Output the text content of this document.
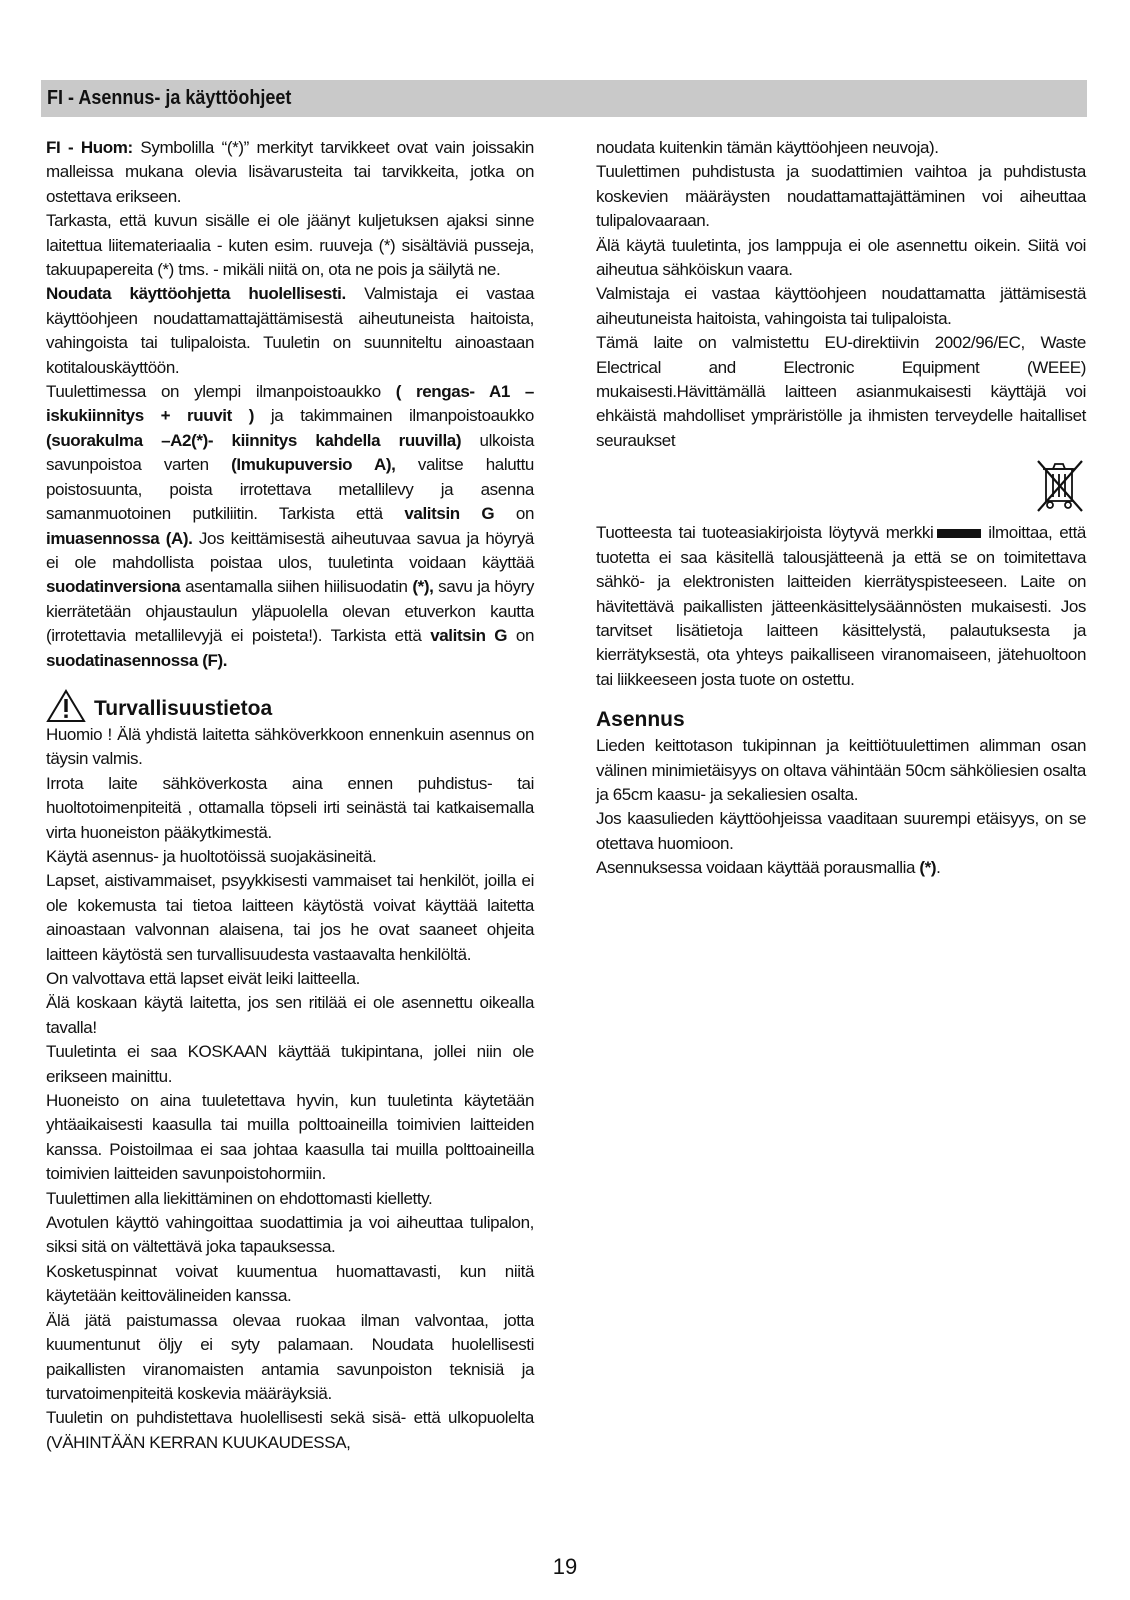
FI - Asennus- ja käyttöohjeet

FI - Huom: Symbolilla “(*)” merkityt tarvikkeet ovat vain joissakin malleissa mukana olevia lisävarusteita tai tarvikkeita, jotka on ostettava erikseen.

Tarkasta, että kuvun sisälle ei ole jäänyt kuljetuksen ajaksi sinne laitettua liitemateriaalia - kuten esim. ruuveja (*) sisältäviä pusseja, takuupapereita (*) tms. - mikäli niitä on, ota ne pois ja säilytä ne.

Noudata käyttöohjetta huolellisesti. Valmistaja ei vastaa käyttöohjeen noudattamattajättämisestä aiheutuneista haitoista, vahingoista tai tulipaloista. Tuuletin on suunniteltu ainoastaan kotitalouskäyttöön.

Tuulettimessa on ylempi ilmanpoistoaukko ( rengas- A1 – iskukiinnitys + ruuvit ) ja takimmainen ilmanpoistoaukko (suorakulma –A2(*)- kiinnitys kahdella ruuvilla) ulkoista savunpoistoa varten (Imukupuversio A), valitse haluttu poistosuunta, poista irrotettava metallilevy ja asenna samanmuotoinen putkiliitin. Tarkista että valitsin G on imuasennossa (A). Jos keittämisestä aiheutuvaa savua ja höyryä ei ole mahdollista poistaa ulos, tuuletinta voidaan käyttää suodatinversiona asentamalla siihen hiilisuodatin (*), savu ja höyry kierrätetään ohjaustaulun yläpuolella olevan etuverkon kautta (irrotettavia metallilevyjä ei poisteta!). Tarkista että valitsin G on suodatinasennossa (F).

Turvallisuustietoa

Huomio ! Älä yhdistä laitetta sähköverkkoon ennenkuin asennus on täysin valmis.

Irrota laite sähköverkosta aina ennen puhdistus- tai huoltotoimenpiteitä , ottamalla töpseli irti seinästä tai katkaisemalla virta huoneiston pääkytkimestä.

Käytä asennus- ja huoltotöissä suojakäsineitä.

Lapset, aistivammaiset, psyykkisesti vammaiset tai henkilöt, joilla ei ole kokemusta tai tietoa laitteen käytöstä voivat käyttää laitetta ainoastaan valvonnan alaisena, tai jos he ovat saaneet ohjeita laitteen käytöstä sen turvallisuudesta vastaavalta henkilöltä.

On valvottava että lapset eivät leiki laitteella.

Älä koskaan käytä laitetta, jos sen ritilää ei ole asennettu oikealla tavalla!

Tuuletinta ei saa KOSKAAN käyttää tukipintana, jollei niin ole erikseen mainittu.

Huoneisto on aina tuuletettava hyvin, kun tuuletinta käytetään yhtäaikaisesti kaasulla tai muilla polttoaineilla toimivien laitteiden kanssa. Poistoilmaa ei saa johtaa kaasulla tai muilla polttoaineilla toimivien laitteiden savunpoistohormiin.

Tuulettimen alla liekittäminen on ehdottomasti kielletty.

Avotulen käyttö vahingoittaa suodattimia ja voi aiheuttaa tulipalon, siksi sitä on vältettävä joka tapauksessa.

Kosketuspinnat voivat kuumentua huomattavasti, kun niitä käytetään keittovälineiden kanssa.

Älä jätä paistumassa olevaa ruokaa ilman valvontaa, jotta kuumentunut öljy ei syty palamaan. Noudata huolellisesti paikallisten viranomaisten antamia savunpoiston teknisiä ja turvatoimenpiteitä koskevia määräyksiä.

Tuuletin on puhdistettava huolellisesti sekä sisä- että ulkopuolelta (VÄHINTÄÄN KERRAN KUUKAUDESSA,

noudata kuitenkin tämän käyttöohjeen neuvoja).

Tuulettimen puhdistusta ja suodattimien vaihtoa ja puhdistusta koskevien määräysten noudattamattajättäminen voi aiheuttaa tulipalovaaraan.

Älä käytä tuuletinta, jos lamppuja ei ole asennettu oikein. Siitä voi aiheutua sähköiskun vaara.

Valmistaja ei vastaa käyttöohjeen noudattamatta jättämisestä aiheutuneista haitoista, vahingoista tai tulipaloista.

Tämä laite on valmistettu EU-direktiivin 2002/96/EC, Waste Electrical and Electronic Equipment (WEEE) mukaisesti.Hävittämällä laitteen asianmukaisesti käyttäjä voi ehkäistä mahdolliset ympräristölle ja ihmisten terveydelle haitalliset seuraukset

Tuotteesta tai tuoteasiakirjoista löytyvä merkki	ilmoittaa, että tuotetta ei saa käsitellä talousjätteenä ja että se on toimitettava sähkö- ja elektronisten laitteiden kierrätyspisteeseen. Laite on hävitettävä paikallisten jätteenkäsittelysäännösten mukaisesti. Jos tarvitset lisätietoja laitteen käsittelystä, palautuksesta ja kierrätyksestä, ota yhteys paikalliseen viranomaiseen, jätehuoltoon tai liikkeeseen josta tuote on ostettu.

Asennus

Lieden keittotason tukipinnan ja keittiötuulettimen alimman osan välinen minimietäisyys on oltava vähintään 50cm sähköliesien osalta ja 65cm kaasu- ja sekaliesien osalta.

Jos kaasulieden käyttöohjeissa vaaditaan suurempi etäisyys, on se otettava huomioon.

Asennuksessa voidaan käyttää porausmallia (*).

19
